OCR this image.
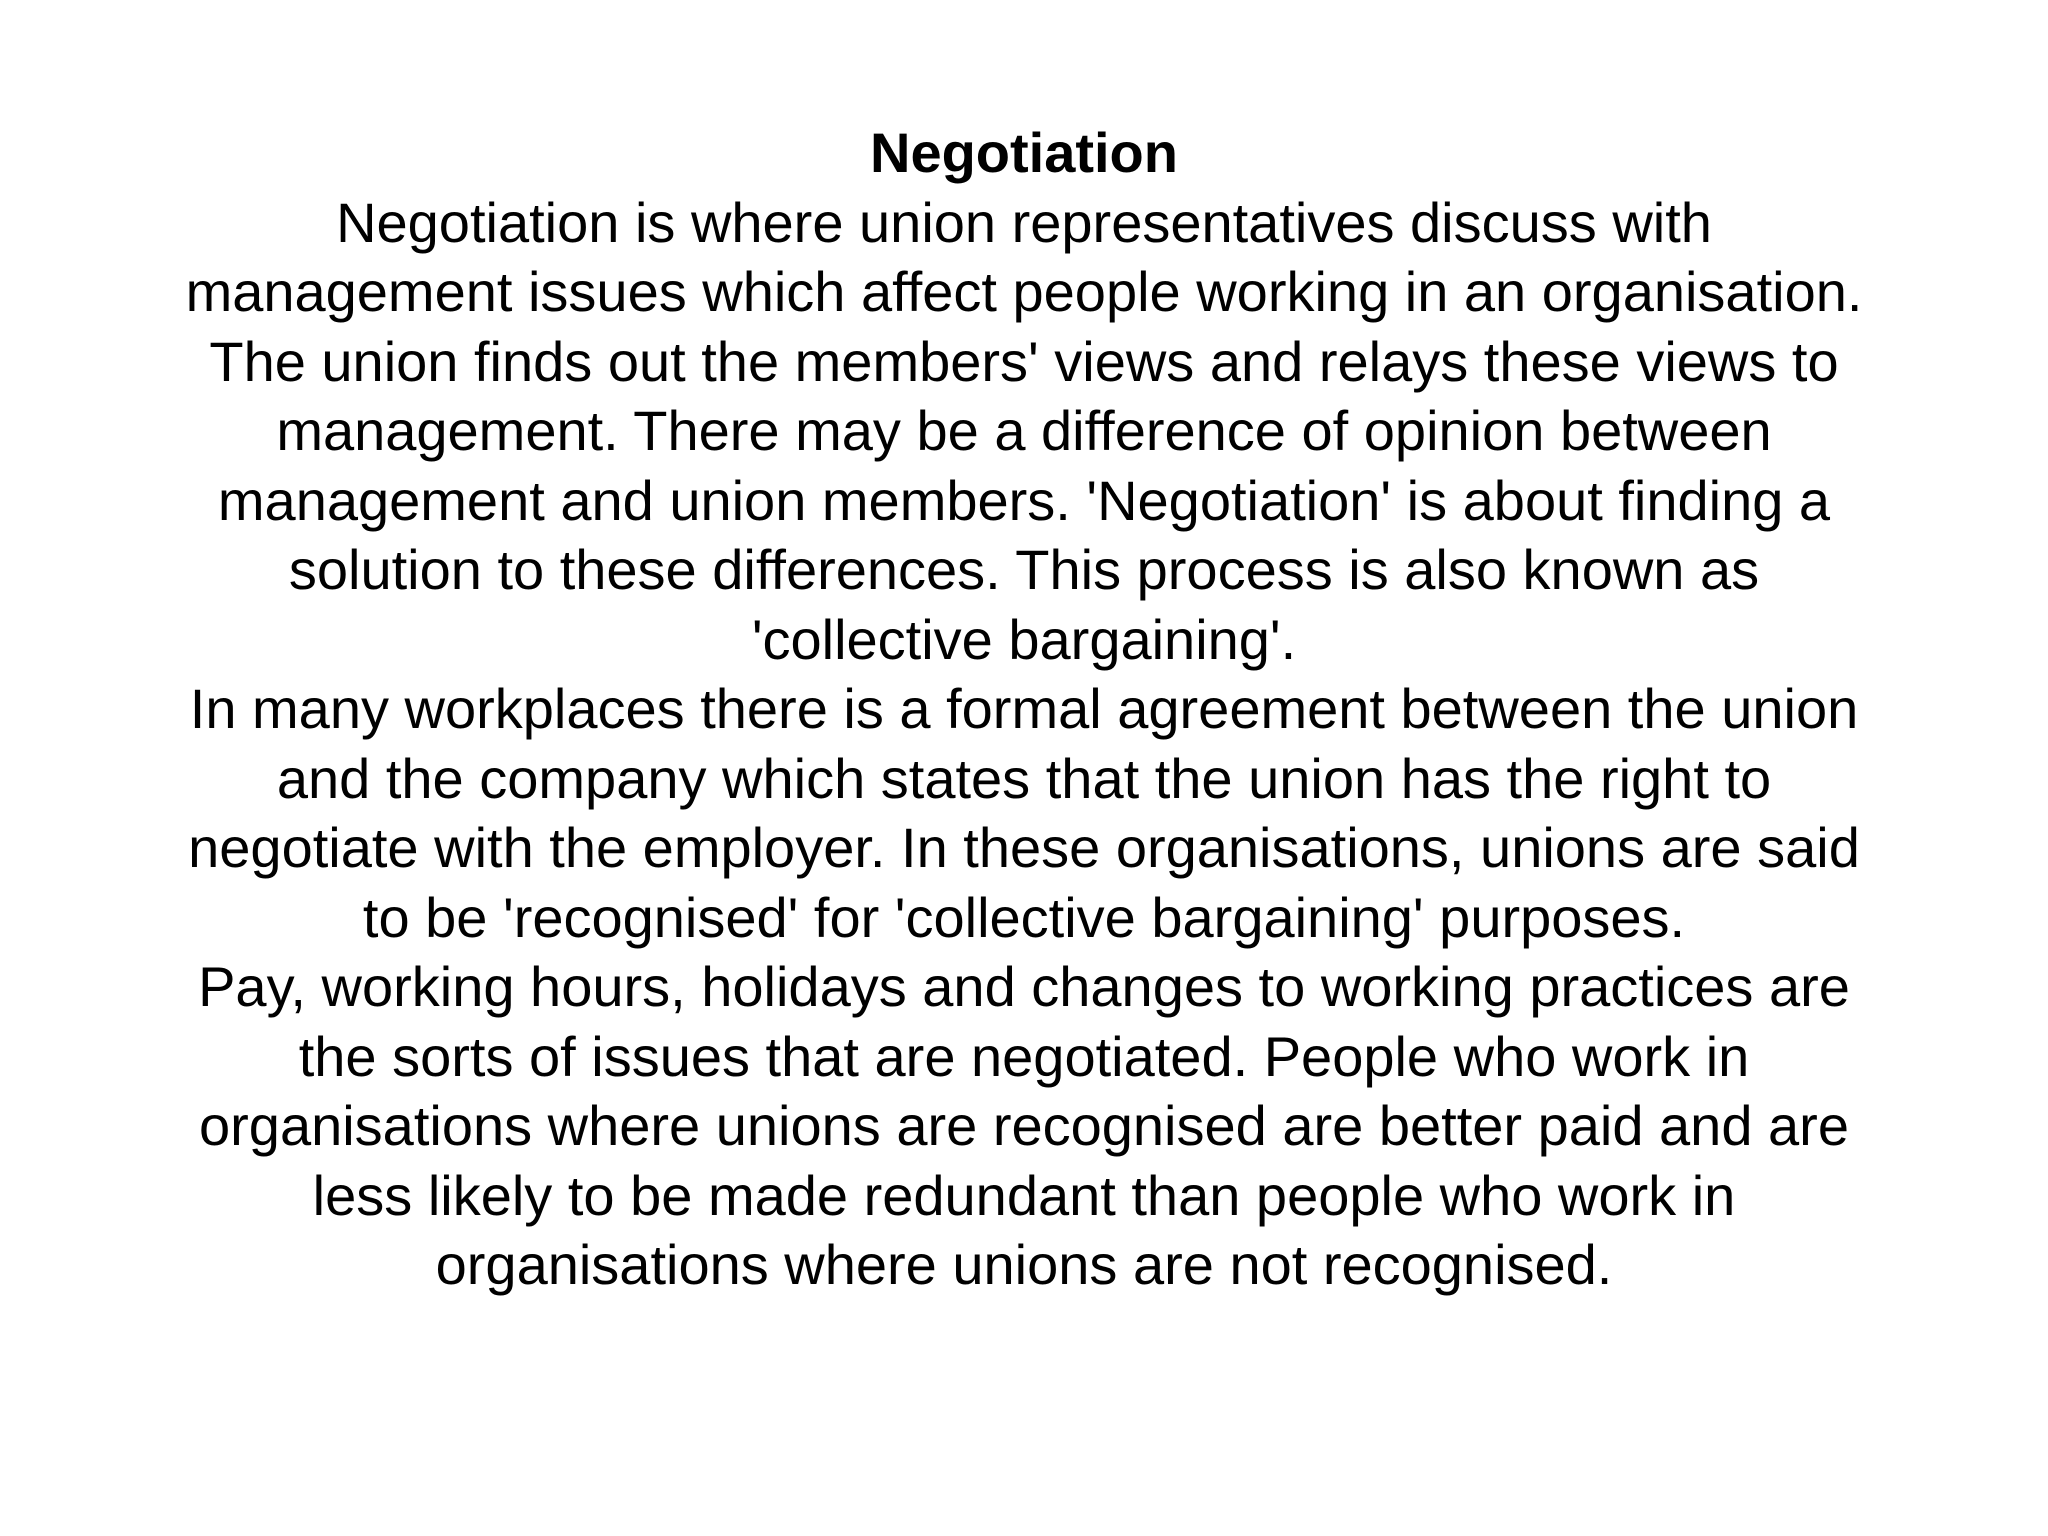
Negotiation

Negotiation is where union representatives discuss with
management issues which affect people working in an organisation.
The union finds out the members' views and relays these views to
management. There may be a difference of opinion between
management and union members. 'Negotiation' is about finding a
solution to these differences. This process is also known as
'collective bargaining'.

In many workplaces there is a formal agreement between the union
and the company which states that the union has the right to
negotiate with the employer. In these organisations, unions are said
to be 'recognised' for 'collective bargaining' purposes.

Pay, working hours, holidays and changes to working practices are
the sorts of issues that are negotiated. People who work in
organisations where unions are recognised are better paid and are
less likely to be made redundant than people who work in
organisations where unions are not recognised.
